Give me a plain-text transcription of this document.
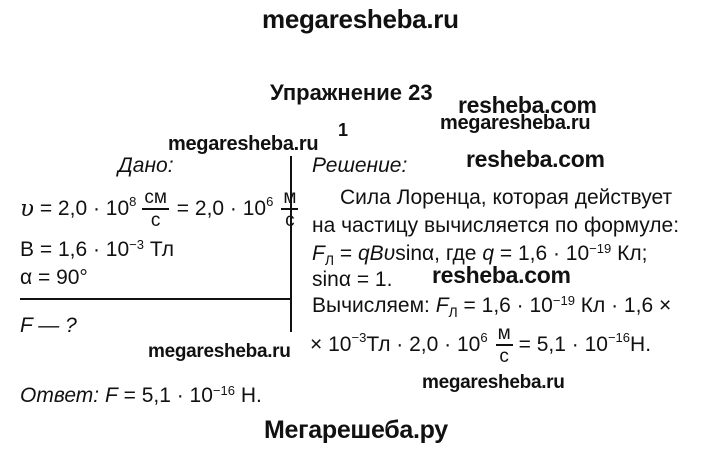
megaresheba.ru
resheba.com
megaresheba.ru
megaresheba.ru
resheba.com
resheba.com
megaresheba.ru
megaresheba.ru
Мегарешеба.ру
Упражнение 23
1
Дано:
υ
= $2,0 \cdot 10^8 \frac{см}{с}$
= $2,0 \cdot 10^6 \frac{м}{с}$
$B = 1,6 \cdot 10^{-3}$ Тл
α = 90°
F — ?
Решение:
Сила Лоренца, которая действует
на частицу вычисляется по формуле:
$F_Л = qB\upsilon\sin\alpha$, где $q = 1,6 \cdot 10^{-19}$ Кл;
sinα = 1.
Вычисляем: $F_Л = 1,6 \cdot 10^{-19}$ Кл · 1,6 ×
× $10^{-3}$ Тл · $2,0 \cdot 10^6 \frac{м}{с} = 5,1 \cdot 10^{-16}$ Н.
Ответ: $F = 5,1 \cdot 10^{-16}$ Н.
